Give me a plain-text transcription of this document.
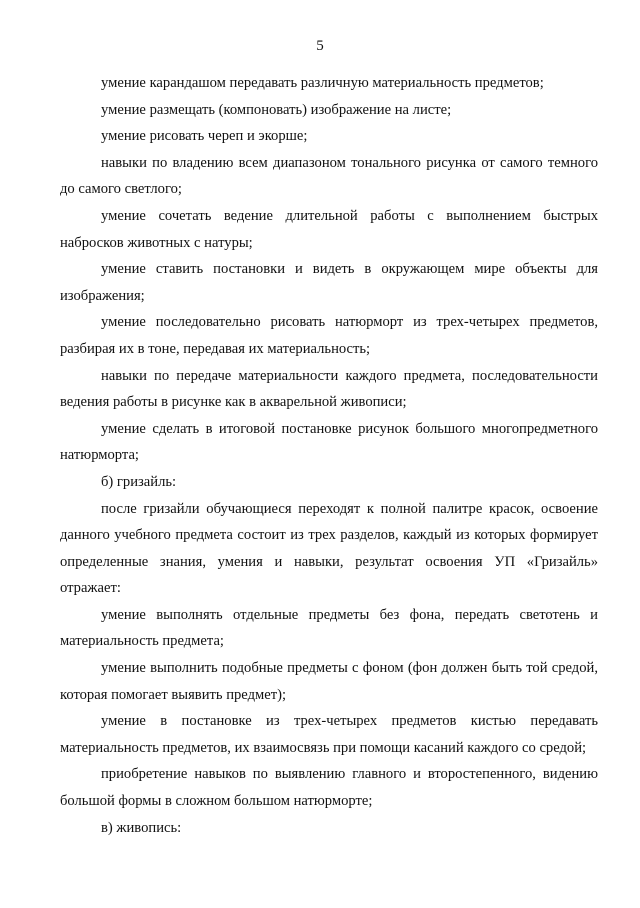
5

умение карандашом передавать различную материальность предметов;

умение размещать (компоновать) изображение на листе;

умение рисовать череп и экорше;

навыки по владению всем диапазоном тонального рисунка от самого темного до самого светлого;

умение сочетать ведение длительной работы с выполнением быстрых набросков животных с натуры;

умение ставить постановки и видеть в окружающем мире объекты для изображения;

умение последовательно рисовать натюрморт из трех-четырех предметов, разбирая их в тоне, передавая их материальность;

навыки по передаче материальности каждого предмета, последовательности ведения работы в рисунке как в акварельной живописи;

умение сделать в итоговой постановке рисунок большого многопредметного натюрморта;

б) гризайль:

после гризайли обучающиеся переходят к полной палитре красок, освоение данного учебного предмета состоит из трех разделов, каждый из которых формирует определенные знания, умения и навыки, результат освоения УП «Гризайль» отражает:

умение выполнять отдельные предметы без фона, передать светотень и материальность предмета;

умение выполнить подобные предметы с фоном (фон должен быть той средой, которая помогает выявить предмет);

умение в постановке из трех-четырех предметов кистью передавать материальность предметов, их взаимосвязь при помощи касаний каждого со средой;

приобретение навыков по выявлению главного и второстепенного, видению большой формы в сложном большом натюрморте;

в) живопись:
